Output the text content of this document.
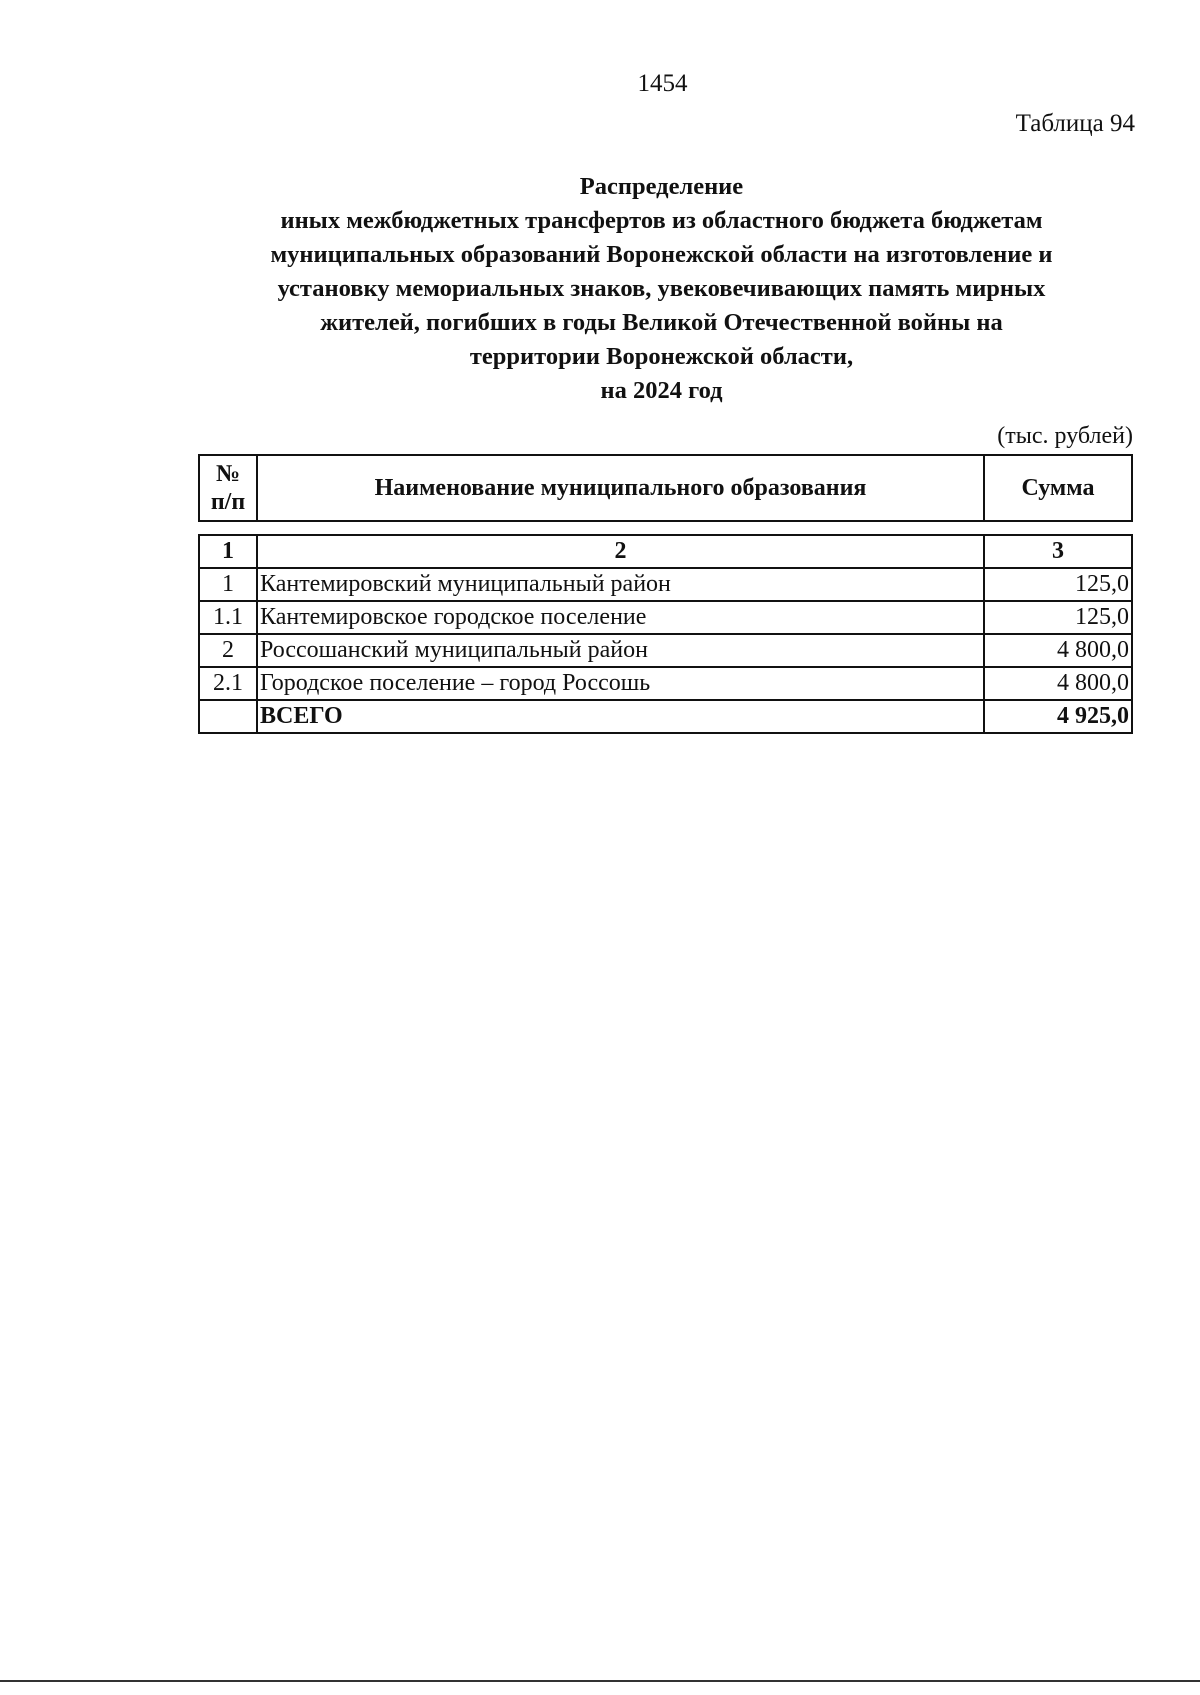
1454
Таблица 94
Распределение
иных межбюджетных трансфертов из областного бюджета бюджетам
муниципальных образований Воронежской области на изготовление и
установку мемориальных знаков, увековечивающих память мирных
жителей, погибших в годы Великой Отечественной войны на
территории Воронежской области,
на 2024 год
(тыс. рублей)
№
п/п	Наименование муниципального образования	Сумма
1	2	3
1	Кантемировский муниципальный район	125,0
1.1	Кантемировское городское поселение	125,0
2	Россошанский муниципальный район	4 800,0
2.1	Городское поселение – город Россошь	4 800,0
	ВСЕГО	4 925,0
